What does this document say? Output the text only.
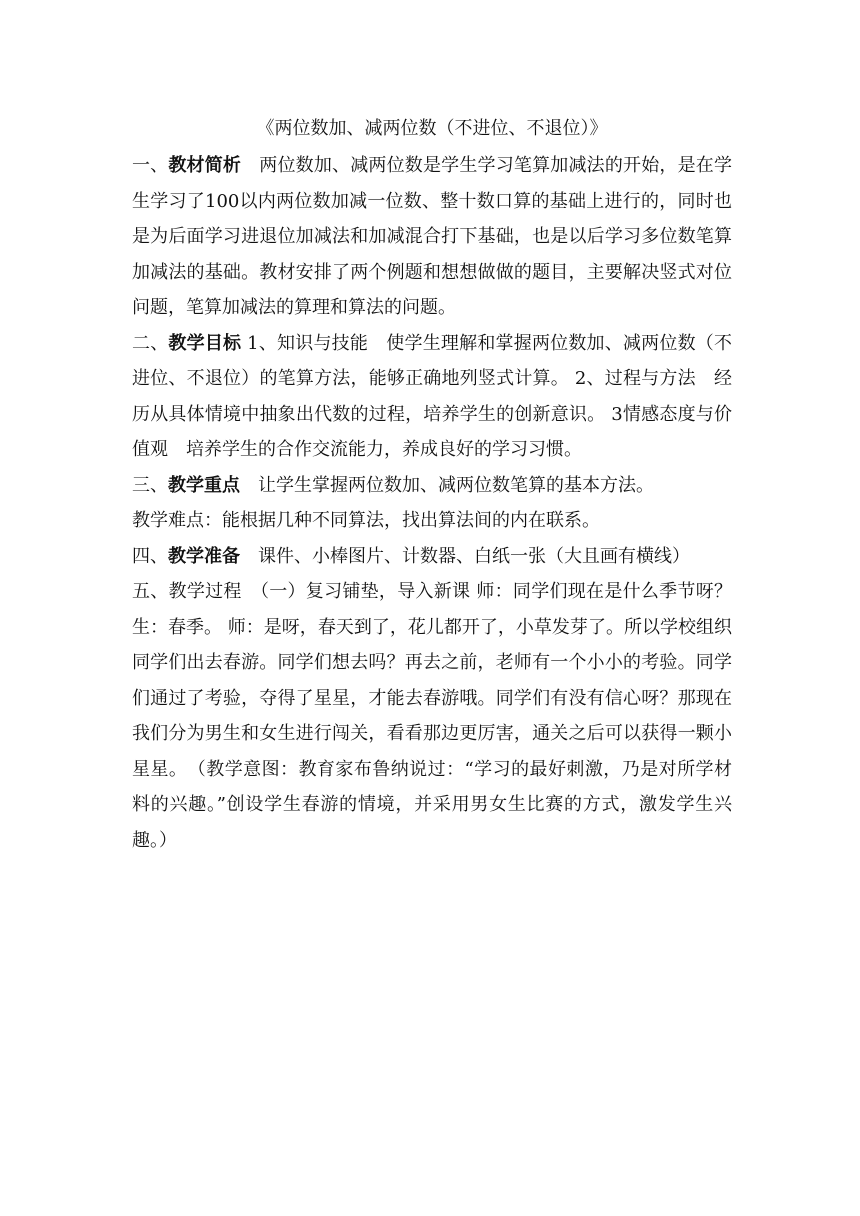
《两位数加、减两位数（不进位、不退位）》

一、教材简析　两位数加、减两位数是学生学习笔算加减法的开始，是在学生学习了100以内两位数加减一位数、整十数口算的基础上进行的，同时也是为后面学习进退位加减法和加减混合打下基础，也是以后学习多位数笔算加减法的基础。教材安排了两个例题和想想做做的题目，主要解决竖式对位问题，笔算加减法的算理和算法的问题。

二、教学目标 1、知识与技能　使学生理解和掌握两位数加、减两位数（不进位、不退位）的笔算方法，能够正确地列竖式计算。 2、过程与方法　经历从具体情境中抽象出代数的过程，培养学生的创新意识。 3情感态度与价值观　培养学生的合作交流能力，养成良好的学习习惯。

三、教学重点　让学生掌握两位数加、减两位数笔算的基本方法。

教学难点：能根据几种不同算法，找出算法间的内在联系。

四、教学准备　课件、小棒图片、计数器、白纸一张（大且画有横线）

五、教学过程　（一）复习铺垫，导入新课 师：同学们现在是什么季节呀？ 生：春季。 师：是呀，春天到了，花儿都开了，小草发芽了。所以学校组织同学们出去春游。同学们想去吗？再去之前，老师有一个小小的考验。同学们通过了考验，夺得了星星，才能去春游哦。同学们有没有信心呀？那现在我们分为男生和女生进行闯关，看看那边更厉害，通关之后可以获得一颗小星星。　（教学意图：教育家布鲁纳说过：“学习的最好刺激，乃是对所学材料的兴趣。”创设学生春游的情境，并采用男女生比赛的方式，激发学生兴趣。）
